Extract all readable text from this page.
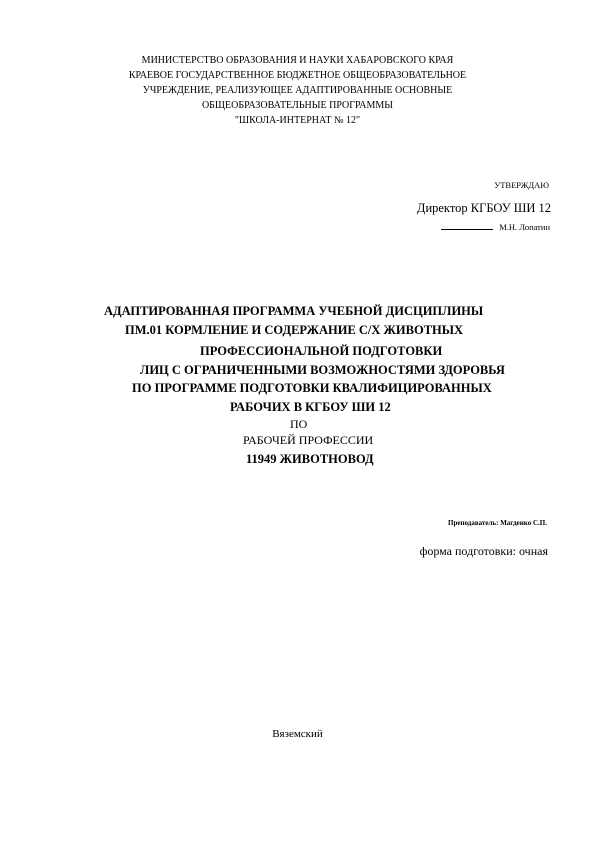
МИНИСТЕРСТВО ОБРАЗОВАНИЯ И НАУКИ ХАБАРОВСКОГО КРАЯ
КРАЕВОЕ ГОСУДАРСТВЕННОЕ БЮДЖЕТНОЕ ОБЩЕОБРАЗОВАТЕЛЬНОЕ
УЧРЕЖДЕНИЕ, РЕАЛИЗУЮЩЕЕ АДАПТИРОВАННЫЕ ОСНОВНЫЕ
ОБЩЕОБРАЗОВАТЕЛЬНЫЕ ПРОГРАММЫ
"ШКОЛА-ИНТЕРНАТ № 12"
УТВЕРЖДАЮ
Директор КГБОУ ШИ 12
М.Н. Лопатин
АДАПТИРОВАННАЯ ПРОГРАММА УЧЕБНОЙ ДИСЦИПЛИНЫ
ПМ.01 КОРМЛЕНИЕ И СОДЕРЖАНИЕ С/Х ЖИВОТНЫХ
ПРОФЕССИОНАЛЬНОЙ ПОДГОТОВКИ
ЛИЦ С ОГРАНИЧЕННЫМИ ВОЗМОЖНОСТЯМИ ЗДОРОВЬЯ
ПО ПРОГРАММЕ ПОДГОТОВКИ КВАЛИФИЦИРОВАННЫХ
РАБОЧИХ В КГБОУ ШИ 12
ПО
РАБОЧЕЙ ПРОФЕССИИ
11949 ЖИВОТНОВОД
Преподаватель: Магденко С.П.
форма подготовки: очная
Вяземский
